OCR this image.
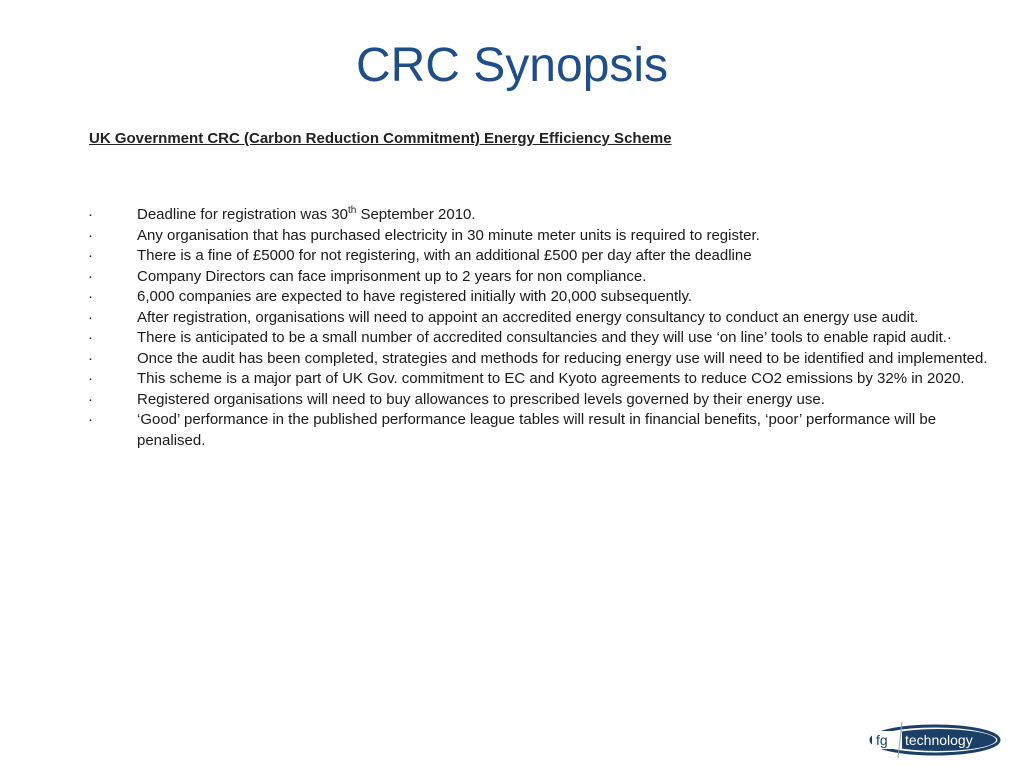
CRC Synopsis
UK Government CRC (Carbon Reduction Commitment) Energy Efficiency Scheme
·	Deadline for registration was 30th September 2010.
·	Any organisation that has purchased electricity in 30 minute meter units is required to register.
·	There is a fine of £5000 for not registering, with an additional £500 per day after the deadline
·	Company Directors can face imprisonment up to 2 years for non compliance.
·	6,000 companies are expected to have registered initially with 20,000 subsequently.
·	After registration, organisations will need to appoint an accredited energy consultancy to conduct an energy use audit.
·	There is anticipated to be a small number of accredited consultancies and they will use ‘on line’ tools to enable rapid audit.·
·	Once the audit has been completed, strategies and methods for reducing energy use will need to be identified and implemented.
·	This scheme is a major part of UK Gov. commitment to EC and Kyoto agreements to reduce CO2 emissions by 32% in 2020.
·	Registered organisations will need to buy allowances to prescribed levels governed by their energy use.
·	‘Good’ performance in the published performance league tables will result in financial benefits, ‘poor’ performance will be penalised.
fg technology
